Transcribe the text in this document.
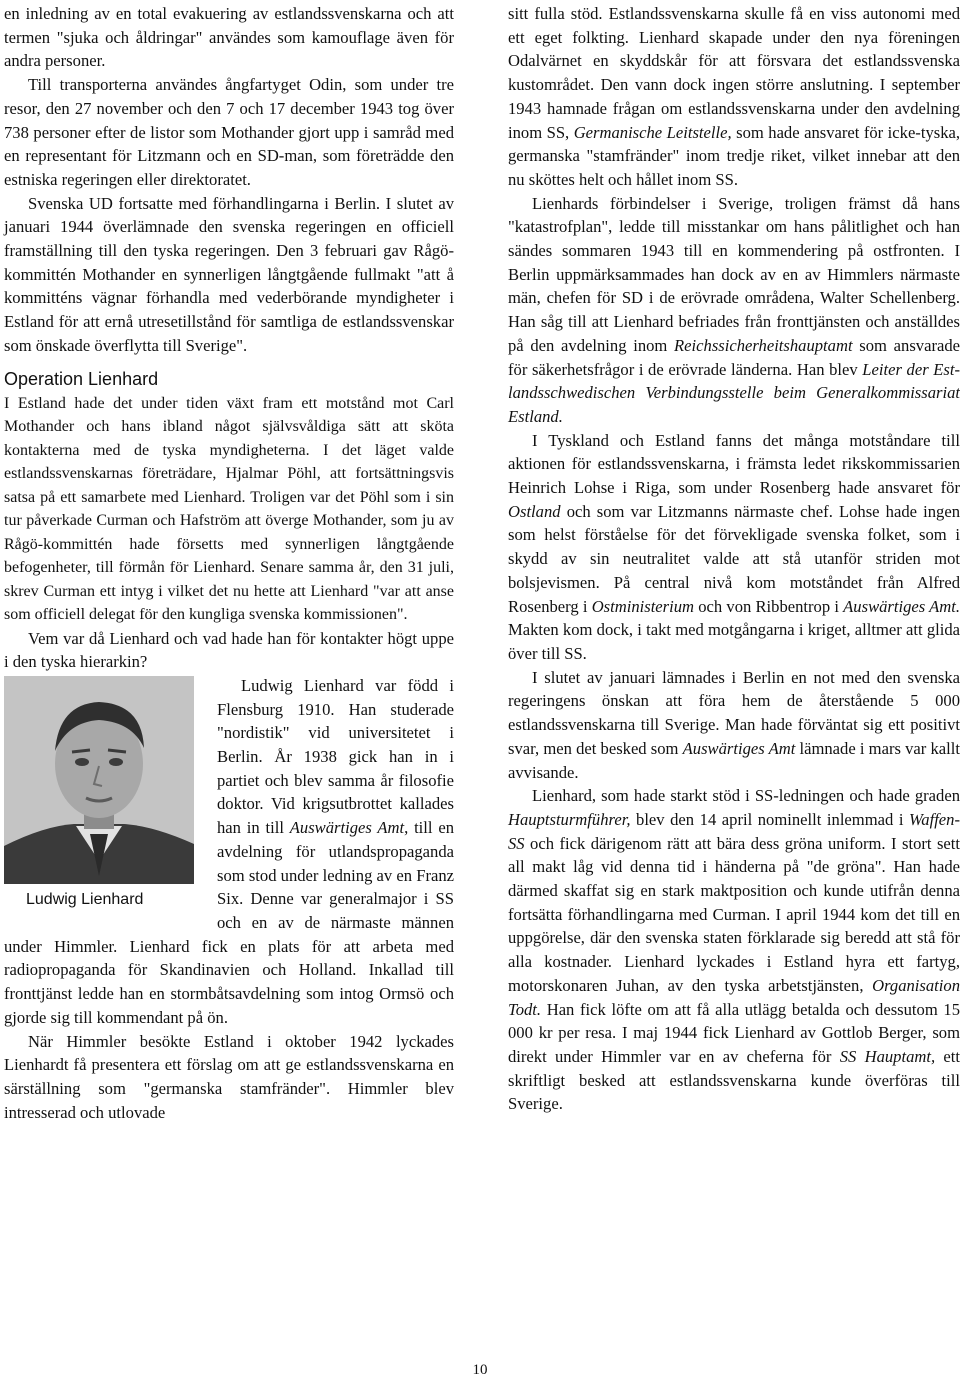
en inledning av en total evakuering av estlandssvenskarna och att termen "sjuka och åldringar" användes som kamouflage även för andra personer.

Till transporterna användes ångfartyget Odin, som under tre resor, den 27 november och den 7 och 17 december 1943 tog över 738 personer efter de listor som Mothander gjort upp i samråd med en representant för Litzmann och en SD-man, som företrädde den estniska regeringen eller direktoratet.

Svenska UD fortsatte med förhandlingarna i Berlin. I slutet av januari 1944 överlämnade den svenska regeringen en officiell framställning till den tyska regeringen. Den 3 februari gav Rågö-kommittén Mothander en synnerligen långtgående fullmakt "att å kommitténs vägnar förhandla med vederbörande myndigheter i Estland för att ernå utresetillstånd för samtliga de estlandssvenskar som önskade överflytta till Sverige".

Operation Lienhard

I Estland hade det under tiden växt fram ett motstånd mot Carl Mothander och hans ibland något självsvåldiga sätt att sköta kontakterna med de tyska myndigheterna. I det läget valde estlandssvenskarnas företrädare, Hjalmar Pöhl, att fortsättningsvis satsa på ett samarbete med Lienhard. Troligen var det Pöhl som i sin tur påverkade Curman och Hafström att överge Mothander, som ju av Rågö-kommittén hade försetts med synnerligen långtgående befogenheter, till förmån för Lienhard. Senare samma år, den 31 juli, skrev Curman ett intyg i vilket det nu hette att Lienhard "var att anse som officiell delegat för den kungliga svenska kommissionen".

Vem var då Lienhard och vad hade han för kontakter högt uppe i den tyska hierarkin?

Ludwig Lienhard

Ludwig Lienhard var född i Flensburg 1910. Han studerade "nordistik" vid universitetet i Berlin. År 1938 gick han in i partiet och blev samma år filosofie doktor. Vid krigsutbrottet kallades han in till Auswärtiges Amt, till en avdelning för utlandspropaganda som stod under ledning av en Franz Six. Denne var generalmajor i SS och en av de närmaste männen under Himmler. Lienhard fick en plats för att arbeta med radiopropaganda för Skandinavien och Holland. Inkallad till fronttjänst ledde han en stormbåtsavdelning som intog Ormsö och gjorde sig till kommendant på ön.

När Himmler besökte Estland i oktober 1942 lyckades Lienhardt få presentera ett förslag om att ge estlandssvenskarna en särställning som "germanska stamfränder". Himmler blev intresserad och utlovade

sitt fulla stöd. Estlandssvenskarna skulle få en viss autonomi med ett eget folkting. Lienhard skapade under den nya föreningen Odalvärnet en skyddskår för att försvara det estlandssvenska kustområdet. Den vann dock ingen större anslutning. I september 1943 hamnade frågan om estlandssvenskarna under den avdelning inom SS, Germanische Leitstelle, som hade ansvaret för icke-tyska, germanska "stamfränder" inom tredje riket, vilket innebar att den nu sköttes helt och hållet inom SS.

Lienhards förbindelser i Sverige, troligen främst då hans "katastrofplan", ledde till misstankar om hans pålitlighet och han sändes sommaren 1943 till en kommendering på ostfronten. I Berlin uppmärksammades han dock av en av Himmlers närmaste män, chefen för SD i de erövrade områdena, Walter Schellenberg. Han såg till att Lienhard befriades från fronttjänsten och anställdes på den avdelning inom Reichssicherheitshauptamt som ansvarade för säkerhetsfrågor i de erövrade länderna. Han blev Leiter der Estlandsschwedischen Verbindungsstelle beim Generalkommissariat Estland.

I Tyskland och Estland fanns det många motståndare till aktionen för estlandssvenskarna, i främsta ledet rikskommissarien Heinrich Lohse i Riga, som under Rosenberg hade ansvaret för Ostland och som var Litzmanns närmaste chef. Lohse hade ingen som helst förståelse för det förvekligade svenska folket, som i skydd av sin neutralitet valde att stå utanför striden mot bolsjevismen. På central nivå kom motståndet från Alfred Rosenberg i Ostministerium och von Ribbentrop i Auswärtiges Amt. Makten kom dock, i takt med motgångarna i kriget, alltmer att glida över till SS.

I slutet av januari lämnades i Berlin en not med den svenska regeringens önskan att föra hem de återstående 5 000 estlandssvenskarna till Sverige. Man hade förväntat sig ett positivt svar, men det besked som Auswärtiges Amt lämnade i mars var kallt avvisande.

Lienhard, som hade starkt stöd i SS-ledningen och hade graden Hauptsturmführer, blev den 14 april nominellt inlemmad i Waffen-SS och fick därigenom rätt att bära dess gröna uniform. I stort sett all makt låg vid denna tid i händerna på "de gröna". Han hade därmed skaffat sig en stark maktposition och kunde utifrån denna fortsätta förhandlingarna med Curman. I april 1944 kom det till en uppgörelse, där den svenska staten förklarade sig beredd att stå för alla kostnader. Lienhard lyckades i Estland hyra ett fartyg, motorskonaren Juhan, av den tyska arbetstjänsten, Organisation Todt. Han fick löfte om att få alla utlägg betalda och dessutom 15 000 kr per resa. I maj 1944 fick Lienhard av Gottlob Berger, som direkt under Himmler var en av cheferna för SS Hauptamt, ett skriftligt besked att estlandssvenskarna kunde överföras till Sverige.

10
